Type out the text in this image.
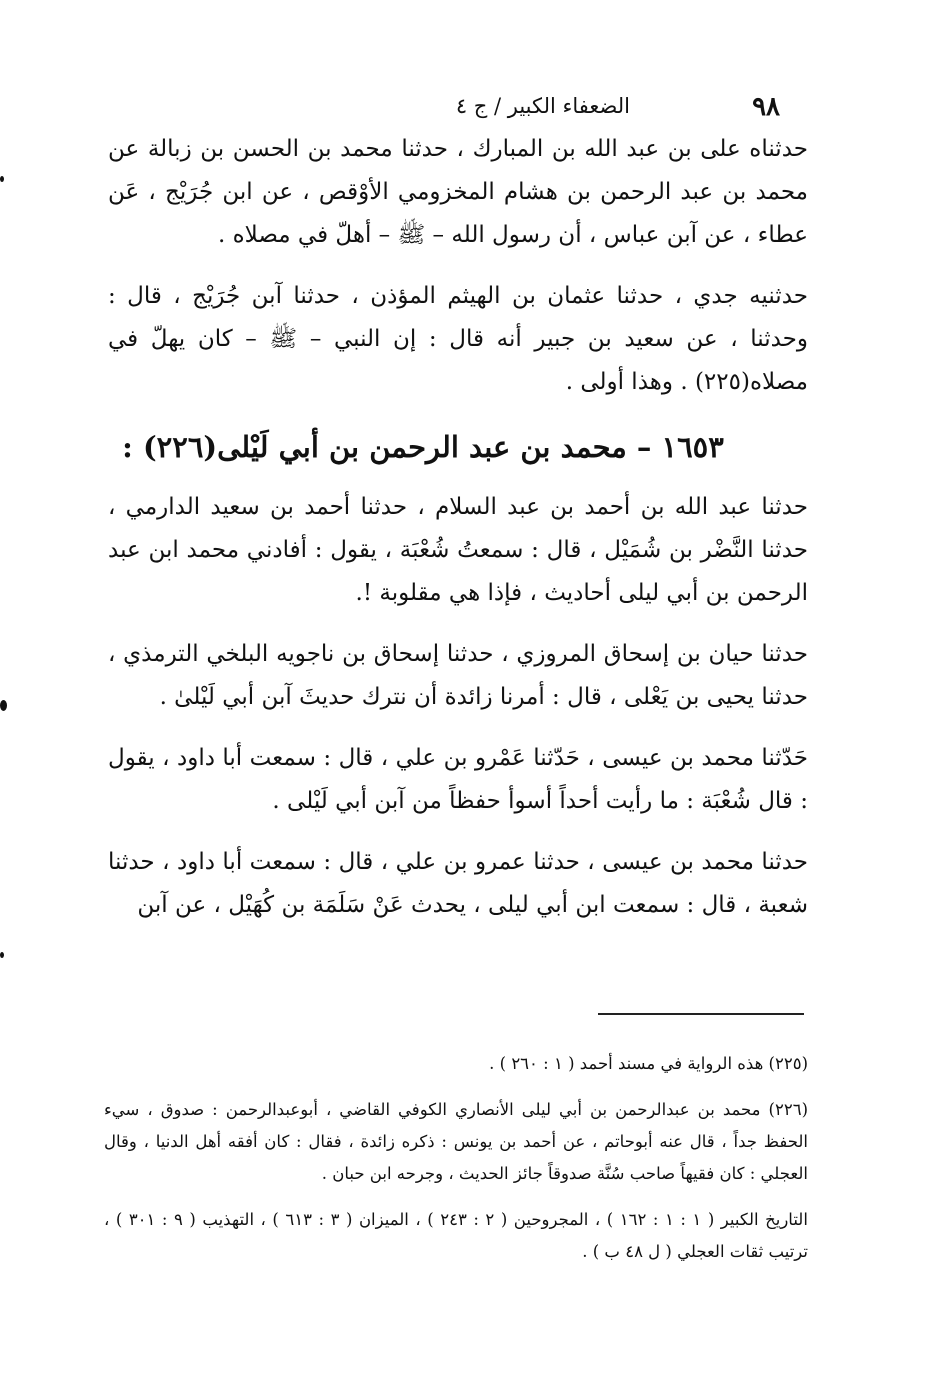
٩٨
الضعفاء الكبير / ج ٤

حدثناه على بن عبد الله بن المبارك ، حدثنا محمد بن الحسن بن زبالة عن محمد بن عبد الرحمن بن هشام المخزومي الأوْقص ، عن ابن جُرَيْج ، عَن عطاء ، عن آبن عباس ، أن رسول الله – ﷺ – أهلّ في مصلاه .

حدثنيه جدي ، حدثنا عثمان بن الهيثم المؤذن ، حدثنا آبن جُرَيْج ، قال : وحدثنا ، عن سعيد بن جبير أنه قال : إن النبي – ﷺ – كان يهلّ في مصلاه(٢٢٥) . وهذا أولى .

١٦٥٣ – محمد بن عبد الرحمن بن أبي لَيْلى(٢٢٦) :

حدثنا عبد الله بن أحمد بن عبد السلام ، حدثنا أحمد بن سعيد الدارمي ، حدثنا النَّضْر بن شُمَيْل ، قال : سمعتُ شُعْبَة ، يقول : أفادني محمد ابن عبد الرحمن بن أبي ليلى أحاديث ، فإذا هي مقلوبة !.

حدثنا حيان بن إسحاق المروزي ، حدثنا إسحاق بن ناجويه البلخي الترمذي ، حدثنا يحيى بن يَعْلى ، قال : أمرنا زائدة أن نترك حديثَ آبن أبي لَيْلىٰ .

حَدّثنا محمد بن عيسى ، حَدّثنا عَمْرو بن علي ، قال : سمعت أبا داود ، يقول : قال شُعْبَة : ما رأيت أحداً أسوأ حفظاً من آبن أبي لَيْلى .

حدثنا محمد بن عيسى ، حدثنا عمرو بن علي ، قال : سمعت أبا داود ، حدثنا شعبة ، قال : سمعت ابن أبي ليلى ، يحدث عَنْ سَلَمَة بن كُهَيْل ، عن آبن

(٢٢٥) هذه الرواية في مسند أحمد ( ١ : ٢٦٠ ) .

(٢٢٦) محمد بن عبدالرحمن بن أبي ليلى الأنصاري الكوفي القاضي ، أبوعبدالرحمن : صدوق ، سيء الحفظ جداً ، قال عنه أبوحاتم ، عن أحمد بن يونس : ذكره زائدة ، فقال : كان أفقه أهل الدنيا ، وقال العجلي : كان فقيهاً صاحب سُنَّة صدوقاً جائز الحديث ، وجرحه ابن حبان .

التاريخ الكبير ( ١ : ١ : ١٦٢ ) ، المجروحين ( ٢ : ٢٤٣ ) ، الميزان ( ٣ : ٦١٣ ) ، التهذيب ( ٩ : ٣٠١ ) ، ترتيب ثقات العجلي ( ل ٤٨ ب ) .
